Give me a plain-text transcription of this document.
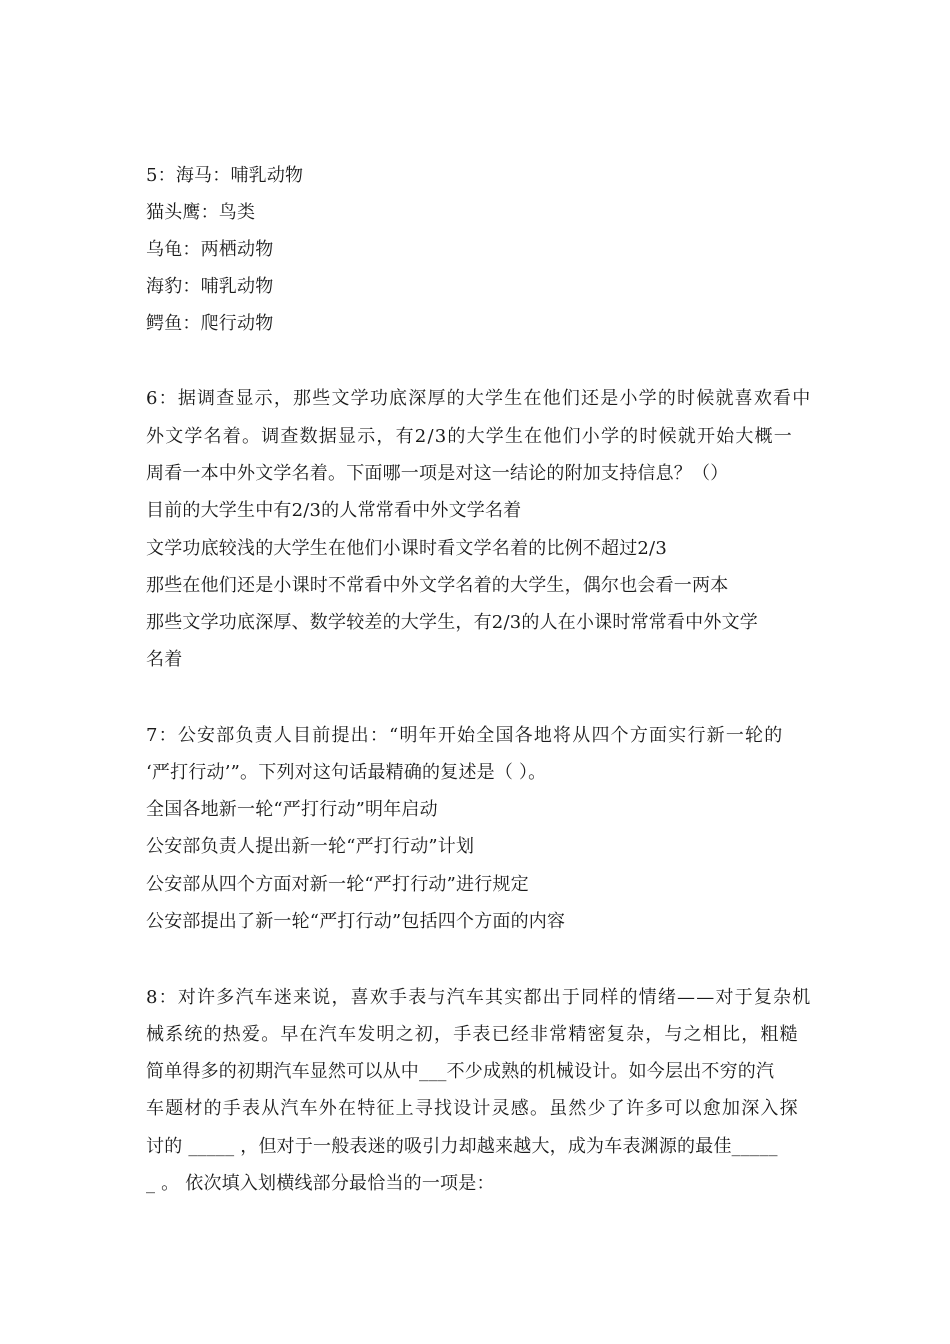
5：海马：哺乳动物
猫头鹰：鸟类
乌龟：两栖动物
海豹：哺乳动物
鳄鱼：爬行动物
6：据调查显示，那些文学功底深厚的大学生在他们还是小学的时候就喜欢看中
外文学名着。调查数据显示，有2/3的大学生在他们小学的时候就开始大概一
周看一本中外文学名着。下面哪一项是对这一结论的附加支持信息？（）
目前的大学生中有2/3的人常常看中外文学名着
文学功底较浅的大学生在他们小课时看文学名着的比例不超过2/3
那些在他们还是小课时不常看中外文学名着的大学生，偶尔也会看一两本
那些文学功底深厚、数学较差的大学生，有2/3的人在小课时常常看中外文学
名着
7：公安部负责人目前提出：“明年开始全国各地将从四个方面实行新一轮的
‘严打行动’”。下列对这句话最精确的复述是（ ）。
全国各地新一轮“严打行动”明年启动
公安部负责人提出新一轮“严打行动”计划
公安部从四个方面对新一轮“严打行动”进行规定
公安部提出了新一轮“严打行动”包括四个方面的内容
8：对许多汽车迷来说，喜欢手表与汽车其实都出于同样的情绪——对于复杂机
械系统的热爱。早在汽车发明之初，手表已经非常精密复杂，与之相比，粗糙
简单得多的初期汽车显然可以从中___不少成熟的机械设计。如今层出不穷的汽
车题材的手表从汽车外在特征上寻找设计灵感。虽然少了许多可以愈加深入探
讨的 _____ ，但对于一般表迷的吸引力却越来越大，成为车表渊源的最佳_____
_ 。 依次填入划横线部分最恰当的一项是：
